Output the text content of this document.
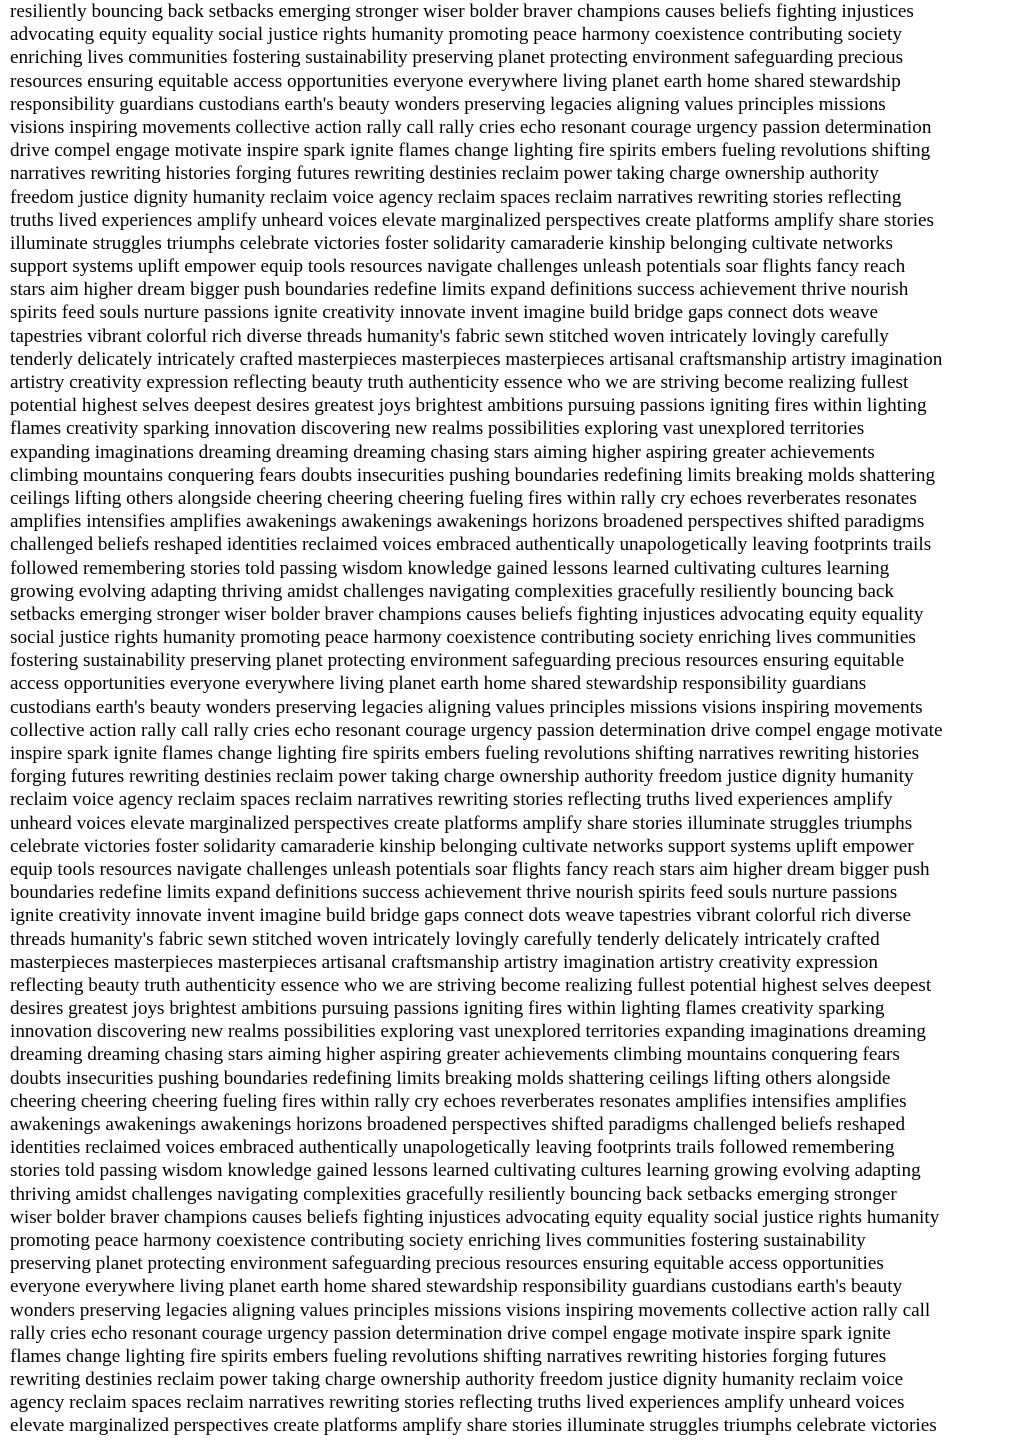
resiliently bouncing back setbacks emerging stronger wiser bolder braver champions causes beliefs fighting injustices
advocating equity equality social justice rights humanity promoting peace harmony coexistence contributing society
enriching lives communities fostering sustainability preserving planet protecting environment safeguarding precious
resources ensuring equitable access opportunities everyone everywhere living planet earth home shared stewardship
responsibility guardians custodians earth's beauty wonders preserving legacies aligning values principles missions
visions inspiring movements collective action rally call rally cries echo resonant courage urgency passion determination
drive compel engage motivate inspire spark ignite flames change lighting fire spirits embers fueling revolutions shifting
narratives rewriting histories forging futures rewriting destinies reclaim power taking charge ownership authority
freedom justice dignity humanity reclaim voice agency reclaim spaces reclaim narratives rewriting stories reflecting
truths lived experiences amplify unheard voices elevate marginalized perspectives create platforms amplify share stories
illuminate struggles triumphs celebrate victories foster solidarity camaraderie kinship belonging cultivate networks
support systems uplift empower equip tools resources navigate challenges unleash potentials soar flights fancy reach
stars aim higher dream bigger push boundaries redefine limits expand definitions success achievement thrive nourish
spirits feed souls nurture passions ignite creativity innovate invent imagine build bridge gaps connect dots weave
tapestries vibrant colorful rich diverse threads humanity's fabric sewn stitched woven intricately lovingly carefully
tenderly delicately intricately crafted masterpieces masterpieces masterpieces artisanal craftsmanship artistry imagination
artistry creativity expression reflecting beauty truth authenticity essence who we are striving become realizing fullest
potential highest selves deepest desires greatest joys brightest ambitions pursuing passions igniting fires within lighting
flames creativity sparking innovation discovering new realms possibilities exploring vast unexplored territories
expanding imaginations dreaming dreaming dreaming chasing stars aiming higher aspiring greater achievements
climbing mountains conquering fears doubts insecurities pushing boundaries redefining limits breaking molds shattering
ceilings lifting others alongside cheering cheering cheering fueling fires within rally cry echoes reverberates resonates
amplifies intensifies amplifies awakenings awakenings awakenings horizons broadened perspectives shifted paradigms
challenged beliefs reshaped identities reclaimed voices embraced authentically unapologetically leaving footprints trails
followed remembering stories told passing wisdom knowledge gained lessons learned cultivating cultures learning
growing evolving adapting thriving amidst challenges navigating complexities gracefully resiliently bouncing back
setbacks emerging stronger wiser bolder braver champions causes beliefs fighting injustices advocating equity equality
social justice rights humanity promoting peace harmony coexistence contributing society enriching lives communities
fostering sustainability preserving planet protecting environment safeguarding precious resources ensuring equitable
access opportunities everyone everywhere living planet earth home shared stewardship responsibility guardians
custodians earth's beauty wonders preserving legacies aligning values principles missions visions inspiring movements
collective action rally call rally cries echo resonant courage urgency passion determination drive compel engage motivate
inspire spark ignite flames change lighting fire spirits embers fueling revolutions shifting narratives rewriting histories
forging futures rewriting destinies reclaim power taking charge ownership authority freedom justice dignity humanity
reclaim voice agency reclaim spaces reclaim narratives rewriting stories reflecting truths lived experiences amplify
unheard voices elevate marginalized perspectives create platforms amplify share stories illuminate struggles triumphs
celebrate victories foster solidarity camaraderie kinship belonging cultivate networks support systems uplift empower
equip tools resources navigate challenges unleash potentials soar flights fancy reach stars aim higher dream bigger push
boundaries redefine limits expand definitions success achievement thrive nourish spirits feed souls nurture passions
ignite creativity innovate invent imagine build bridge gaps connect dots weave tapestries vibrant colorful rich diverse
threads humanity's fabric sewn stitched woven intricately lovingly carefully tenderly delicately intricately crafted
masterpieces masterpieces masterpieces artisanal craftsmanship artistry imagination artistry creativity expression
reflecting beauty truth authenticity essence who we are striving become realizing fullest potential highest selves deepest
desires greatest joys brightest ambitions pursuing passions igniting fires within lighting flames creativity sparking
innovation discovering new realms possibilities exploring vast unexplored territories expanding imaginations dreaming
dreaming dreaming chasing stars aiming higher aspiring greater achievements climbing mountains conquering fears
doubts insecurities pushing boundaries redefining limits breaking molds shattering ceilings lifting others alongside
cheering cheering cheering fueling fires within rally cry echoes reverberates resonates amplifies intensifies amplifies
awakenings awakenings awakenings horizons broadened perspectives shifted paradigms challenged beliefs reshaped
identities reclaimed voices embraced authentically unapologetically leaving footprints trails followed remembering
stories told passing wisdom knowledge gained lessons learned cultivating cultures learning growing evolving adapting
thriving amidst challenges navigating complexities gracefully resiliently bouncing back setbacks emerging stronger
wiser bolder braver champions causes beliefs fighting injustices advocating equity equality social justice rights humanity
promoting peace harmony coexistence contributing society enriching lives communities fostering sustainability
preserving planet protecting environment safeguarding precious resources ensuring equitable access opportunities
everyone everywhere living planet earth home shared stewardship responsibility guardians custodians earth's beauty
wonders preserving legacies aligning values principles missions visions inspiring movements collective action rally call
rally cries echo resonant courage urgency passion determination drive compel engage motivate inspire spark ignite
flames change lighting fire spirits embers fueling revolutions shifting narratives rewriting histories forging futures
rewriting destinies reclaim power taking charge ownership authority freedom justice dignity humanity reclaim voice
agency reclaim spaces reclaim narratives rewriting stories reflecting truths lived experiences amplify unheard voices
elevate marginalized perspectives create platforms amplify share stories illuminate struggles triumphs celebrate victories
